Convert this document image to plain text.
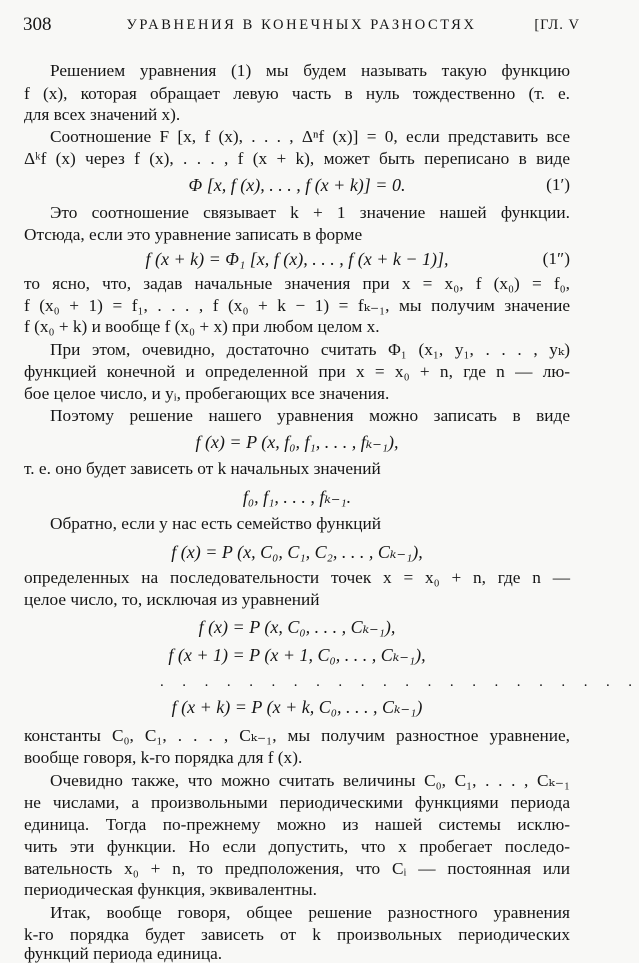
308	УРАВНЕНИЯ В КОНЕЧНЫХ РАЗНОСТЯХ	[ГЛ. V
Решением уравнения (1) мы будем называть такую функцию
f (x), которая обращает левую часть в нуль тождественно (т. е.
для всех значений x).
Соотношение F [x, f (x), . . . , Δⁿf (x)] = 0, если представить все
Δᵏf (x) через f (x), . . . , f (x + k), может быть переписано в виде
Φ [x, f (x), . . . , f (x + k)] = 0.	(1′)
Это соотношение связывает k + 1 значение нашей функции.
Отсюда, если это уравнение записать в форме
f (x + k) = Φ₁ [x, f (x), . . . , f (x + k − 1)],	(1″)
то ясно, что, задав начальные значения при x = x₀, f (x₀) = f₀,
f (x₀ + 1) = f₁, . . . , f (x₀ + k − 1) = fₖ₋₁, мы получим значение
f (x₀ + k) и вообще f (x₀ + x) при любом целом x.
При этом, очевидно, достаточно считать Φ₁ (x₁, y₁, . . . , yₖ)
функцией конечной и определенной при x = x₀ + n, где n — лю-
бое целое число, и yᵢ, пробегающих все значения.
Поэтому решение нашего уравнения можно записать в виде
f (x) = P (x, f₀, f₁, . . . , fₖ₋₁),
т. е. оно будет зависеть от k начальных значений
f₀, f₁, . . . , fₖ₋₁.
Обратно, если у нас есть семейство функций
f (x) = P (x, C₀, C₁, C₂, . . . , Cₖ₋₁),
определенных на последовательности точек x = x₀ + n, где n —
целое число, то, исключая из уравнений
f (x) = P (x, C₀, . . . , Cₖ₋₁),
f (x + 1) = P (x + 1, C₀, . . . , Cₖ₋₁),
. . . . . . . . . . . . . . . . . . . . . .
f (x + k) = P (x + k, C₀, . . . , Cₖ₋₁)
константы C₀, C₁, . . . , Cₖ₋₁, мы получим разностное уравнение,
вообще говоря, k-го порядка для f (x).
Очевидно также, что можно считать величины C₀, C₁, . . . , Cₖ₋₁
не числами, а произвольными периодическими функциями периода
единица. Тогда по-прежнему можно из нашей системы исклю-
чить эти функции. Но если допустить, что x пробегает последо-
вательность x₀ + n, то предположения, что Cᵢ — постоянная или
периодическая функция, эквивалентны.
Итак, вообще говоря, общее решение разностного уравнения
k-го порядка будет зависеть от k произвольных периодических
функций периода единица.
